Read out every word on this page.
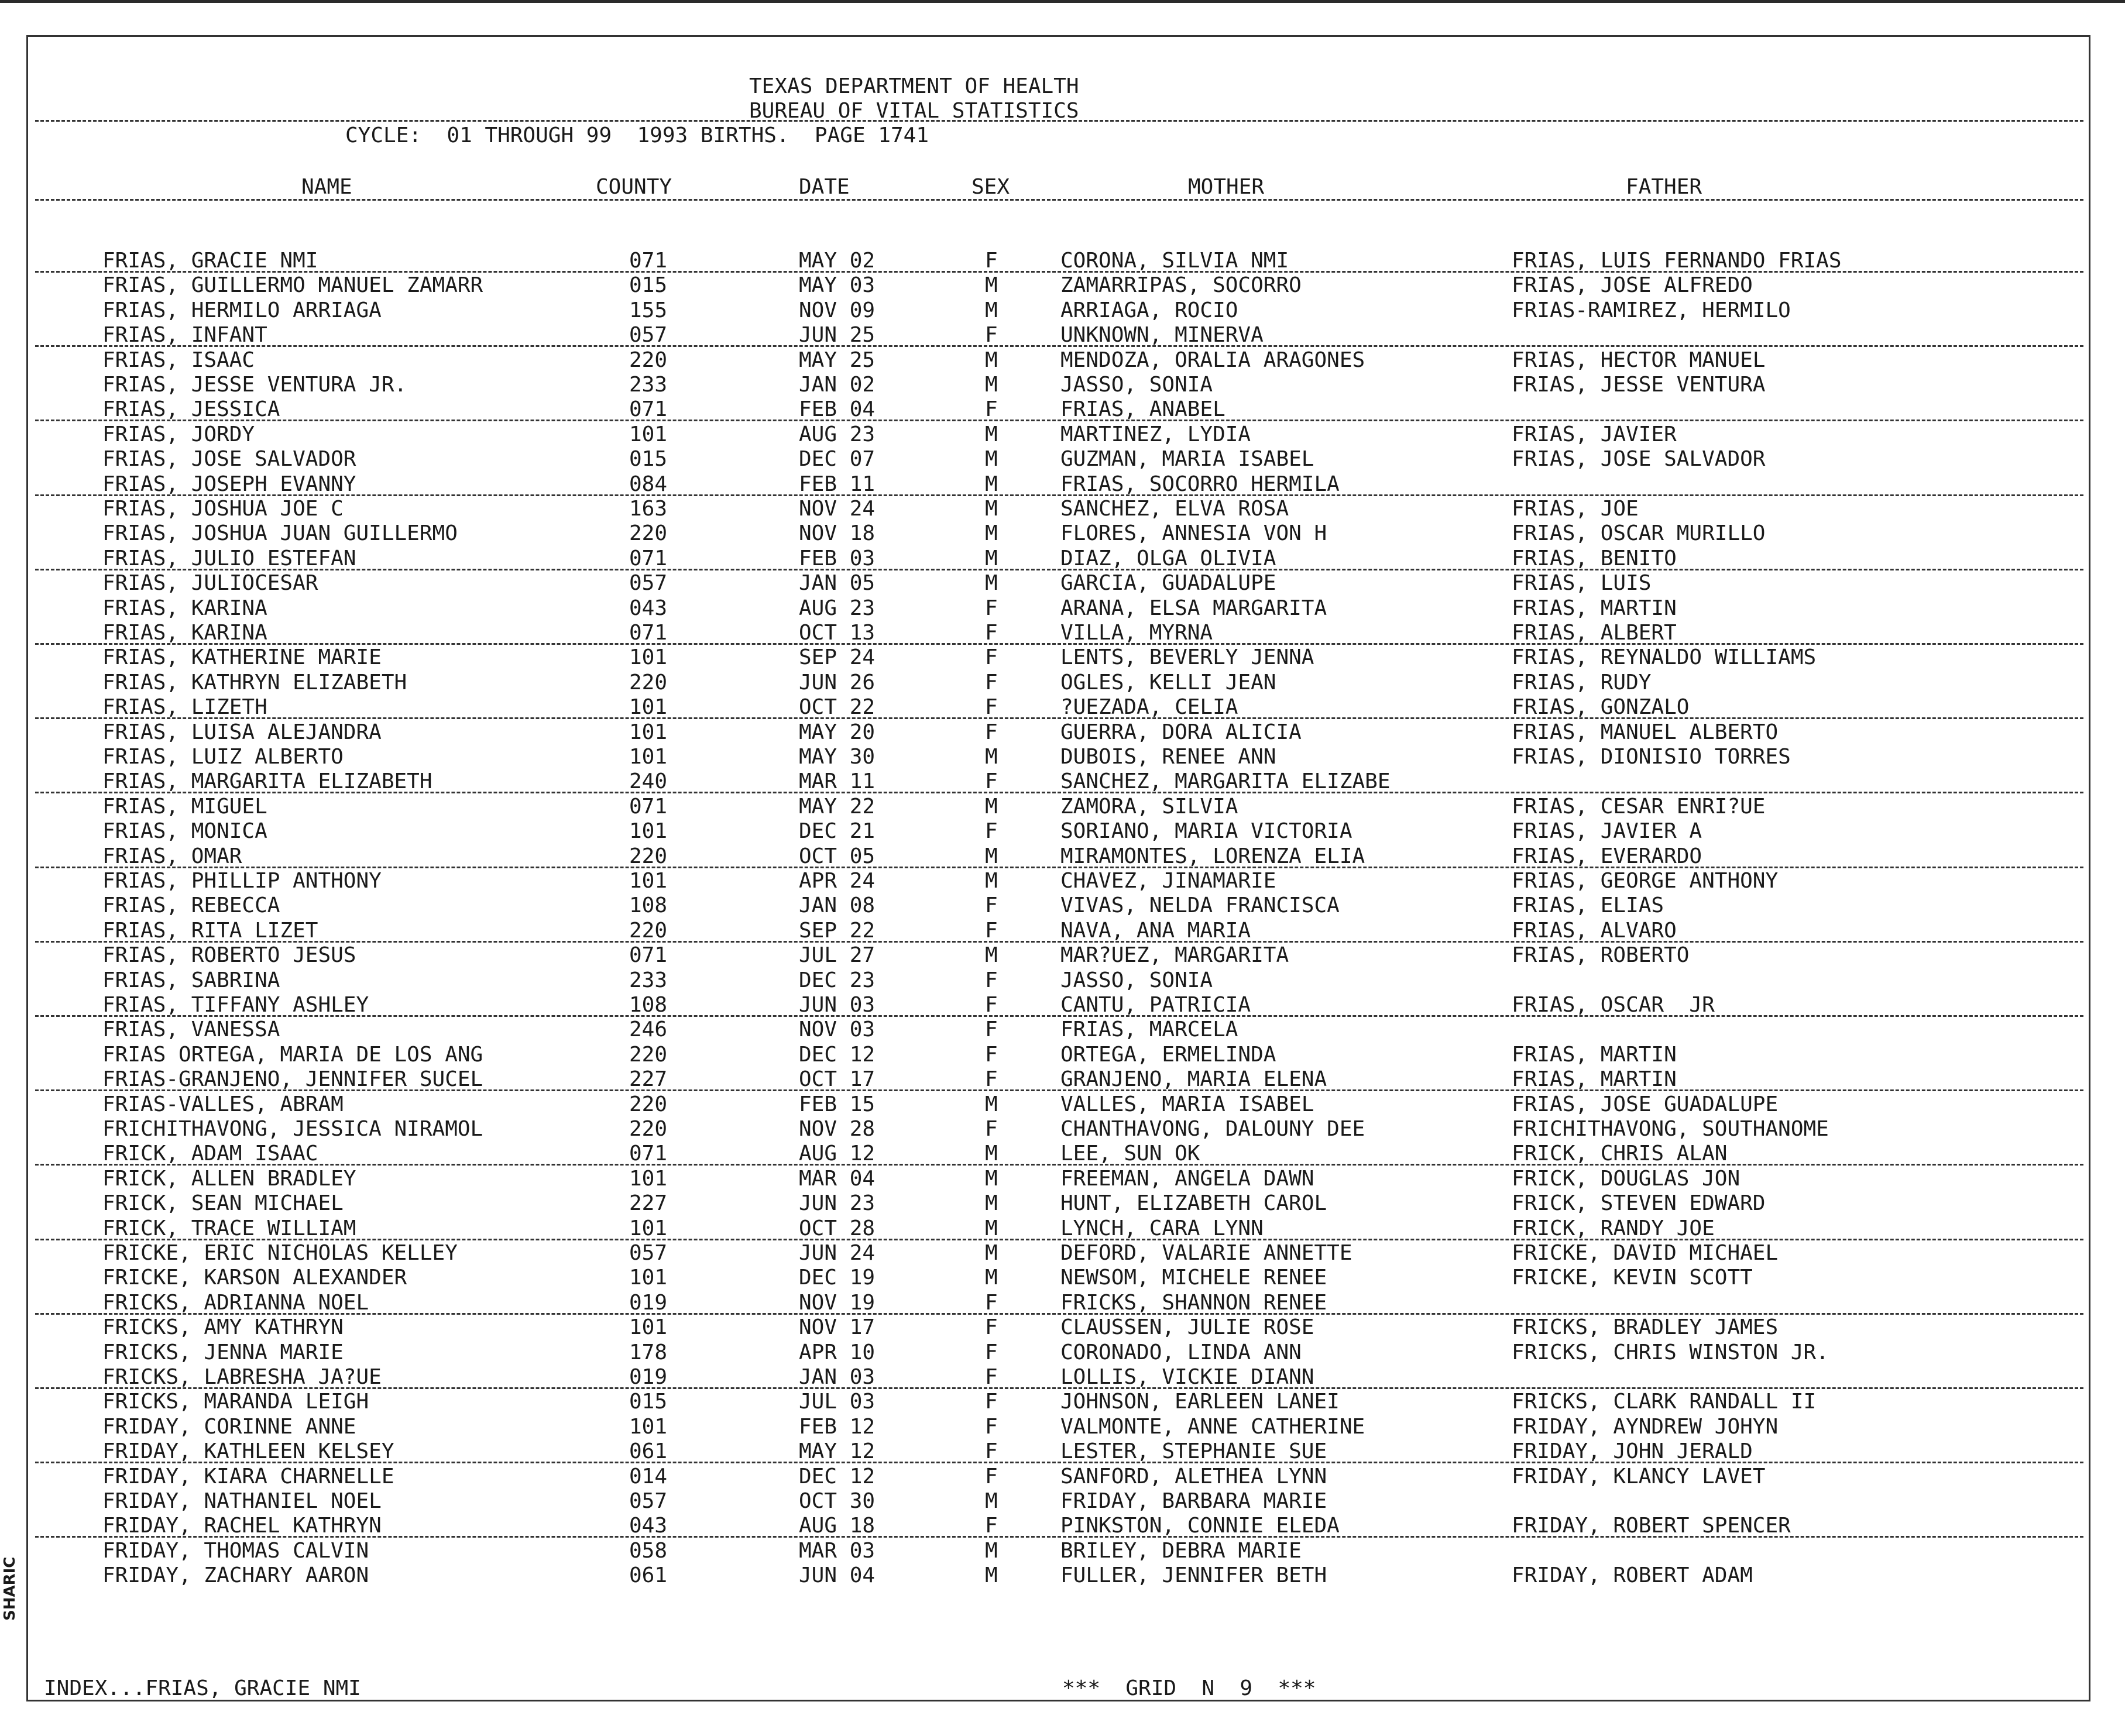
TEXAS DEPARTMENT OF HEALTH
BUREAU OF VITAL STATISTICS
CYCLE:  01 THROUGH 99  1993 BIRTHS.  PAGE 1741
NAME	COUNTY	DATE	SEX	MOTHER	FATHER
FRIAS, GRACIE NMI	071	MAY 02	F	CORONA, SILVIA NMI	FRIAS, LUIS FERNANDO FRIAS
FRIAS, GUILLERMO MANUEL ZAMARR	015	MAY 03	M	ZAMARRIPAS, SOCORRO	FRIAS, JOSE ALFREDO
FRIAS, HERMILO ARRIAGA	155	NOV 09	M	ARRIAGA, ROCIO	FRIAS-RAMIREZ, HERMILO
FRIAS, INFANT	057	JUN 25	F	UNKNOWN, MINERVA
FRIAS, ISAAC	220	MAY 25	M	MENDOZA, ORALIA ARAGONES	FRIAS, HECTOR MANUEL
FRIAS, JESSE VENTURA JR.	233	JAN 02	M	JASSO, SONIA	FRIAS, JESSE VENTURA
FRIAS, JESSICA	071	FEB 04	F	FRIAS, ANABEL
FRIAS, JORDY	101	AUG 23	M	MARTINEZ, LYDIA	FRIAS, JAVIER
FRIAS, JOSE SALVADOR	015	DEC 07	M	GUZMAN, MARIA ISABEL	FRIAS, JOSE SALVADOR
FRIAS, JOSEPH EVANNY	084	FEB 11	M	FRIAS, SOCORRO HERMILA
FRIAS, JOSHUA JOE C	163	NOV 24	M	SANCHEZ, ELVA ROSA	FRIAS, JOE
FRIAS, JOSHUA JUAN GUILLERMO	220	NOV 18	M	FLORES, ANNESIA VON H	FRIAS, OSCAR MURILLO
FRIAS, JULIO ESTEFAN	071	FEB 03	M	DIAZ, OLGA OLIVIA	FRIAS, BENITO
FRIAS, JULIOCESAR	057	JAN 05	M	GARCIA, GUADALUPE	FRIAS, LUIS
FRIAS, KARINA	043	AUG 23	F	ARANA, ELSA MARGARITA	FRIAS, MARTIN
FRIAS, KARINA	071	OCT 13	F	VILLA, MYRNA	FRIAS, ALBERT
FRIAS, KATHERINE MARIE	101	SEP 24	F	LENTS, BEVERLY JENNA	FRIAS, REYNALDO WILLIAMS
FRIAS, KATHRYN ELIZABETH	220	JUN 26	F	OGLES, KELLI JEAN	FRIAS, RUDY
FRIAS, LIZETH	101	OCT 22	F	?UEZADA, CELIA	FRIAS, GONZALO
FRIAS, LUISA ALEJANDRA	101	MAY 20	F	GUERRA, DORA ALICIA	FRIAS, MANUEL ALBERTO
FRIAS, LUIZ ALBERTO	101	MAY 30	M	DUBOIS, RENEE ANN	FRIAS, DIONISIO TORRES
FRIAS, MARGARITA ELIZABETH	240	MAR 11	F	SANCHEZ, MARGARITA ELIZABE
FRIAS, MIGUEL	071	MAY 22	M	ZAMORA, SILVIA	FRIAS, CESAR ENRI?UE
FRIAS, MONICA	101	DEC 21	F	SORIANO, MARIA VICTORIA	FRIAS, JAVIER A
FRIAS, OMAR	220	OCT 05	M	MIRAMONTES, LORENZA ELIA	FRIAS, EVERARDO
FRIAS, PHILLIP ANTHONY	101	APR 24	M	CHAVEZ, JINAMARIE	FRIAS, GEORGE ANTHONY
FRIAS, REBECCA	108	JAN 08	F	VIVAS, NELDA FRANCISCA	FRIAS, ELIAS
FRIAS, RITA LIZET	220	SEP 22	F	NAVA, ANA MARIA	FRIAS, ALVARO
FRIAS, ROBERTO JESUS	071	JUL 27	M	MAR?UEZ, MARGARITA	FRIAS, ROBERTO
FRIAS, SABRINA	233	DEC 23	F	JASSO, SONIA
FRIAS, TIFFANY ASHLEY	108	JUN 03	F	CANTU, PATRICIA	FRIAS, OSCAR  JR
FRIAS, VANESSA	246	NOV 03	F	FRIAS, MARCELA
FRIAS ORTEGA, MARIA DE LOS ANG	220	DEC 12	F	ORTEGA, ERMELINDA	FRIAS, MARTIN
FRIAS-GRANJENO, JENNIFER SUCEL	227	OCT 17	F	GRANJENO, MARIA ELENA	FRIAS, MARTIN
FRIAS-VALLES, ABRAM	220	FEB 15	M	VALLES, MARIA ISABEL	FRIAS, JOSE GUADALUPE
FRICHITHAVONG, JESSICA NIRAMOL	220	NOV 28	F	CHANTHAVONG, DALOUNY DEE	FRICHITHAVONG, SOUTHANOME
FRICK, ADAM ISAAC	071	AUG 12	M	LEE, SUN OK	FRICK, CHRIS ALAN
FRICK, ALLEN BRADLEY	101	MAR 04	M	FREEMAN, ANGELA DAWN	FRICK, DOUGLAS JON
FRICK, SEAN MICHAEL	227	JUN 23	M	HUNT, ELIZABETH CAROL	FRICK, STEVEN EDWARD
FRICK, TRACE WILLIAM	101	OCT 28	M	LYNCH, CARA LYNN	FRICK, RANDY JOE
FRICKE, ERIC NICHOLAS KELLEY	057	JUN 24	M	DEFORD, VALARIE ANNETTE	FRICKE, DAVID MICHAEL
FRICKE, KARSON ALEXANDER	101	DEC 19	M	NEWSOM, MICHELE RENEE	FRICKE, KEVIN SCOTT
FRICKS, ADRIANNA NOEL	019	NOV 19	F	FRICKS, SHANNON RENEE
FRICKS, AMY KATHRYN	101	NOV 17	F	CLAUSSEN, JULIE ROSE	FRICKS, BRADLEY JAMES
FRICKS, JENNA MARIE	178	APR 10	F	CORONADO, LINDA ANN	FRICKS, CHRIS WINSTON JR.
FRICKS, LABRESHA JA?UE	019	JAN 03	F	LOLLIS, VICKIE DIANN
FRICKS, MARANDA LEIGH	015	JUL 03	F	JOHNSON, EARLEEN LANEI	FRICKS, CLARK RANDALL II
FRIDAY, CORINNE ANNE	101	FEB 12	F	VALMONTE, ANNE CATHERINE	FRIDAY, AYNDREW JOHYN
FRIDAY, KATHLEEN KELSEY	061	MAY 12	F	LESTER, STEPHANIE SUE	FRIDAY, JOHN JERALD
FRIDAY, KIARA CHARNELLE	014	DEC 12	F	SANFORD, ALETHEA LYNN	FRIDAY, KLANCY LAVET
FRIDAY, NATHANIEL NOEL	057	OCT 30	M	FRIDAY, BARBARA MARIE
FRIDAY, RACHEL KATHRYN	043	AUG 18	F	PINKSTON, CONNIE ELEDA	FRIDAY, ROBERT SPENCER
FRIDAY, THOMAS CALVIN	058	MAR 03	M	BRILEY, DEBRA MARIE
FRIDAY, ZACHARY AARON	061	JUN 04	M	FULLER, JENNIFER BETH	FRIDAY, ROBERT ADAM
INDEX...FRIAS, GRACIE NMI	***  GRID  N  9  ***
SHARIC
